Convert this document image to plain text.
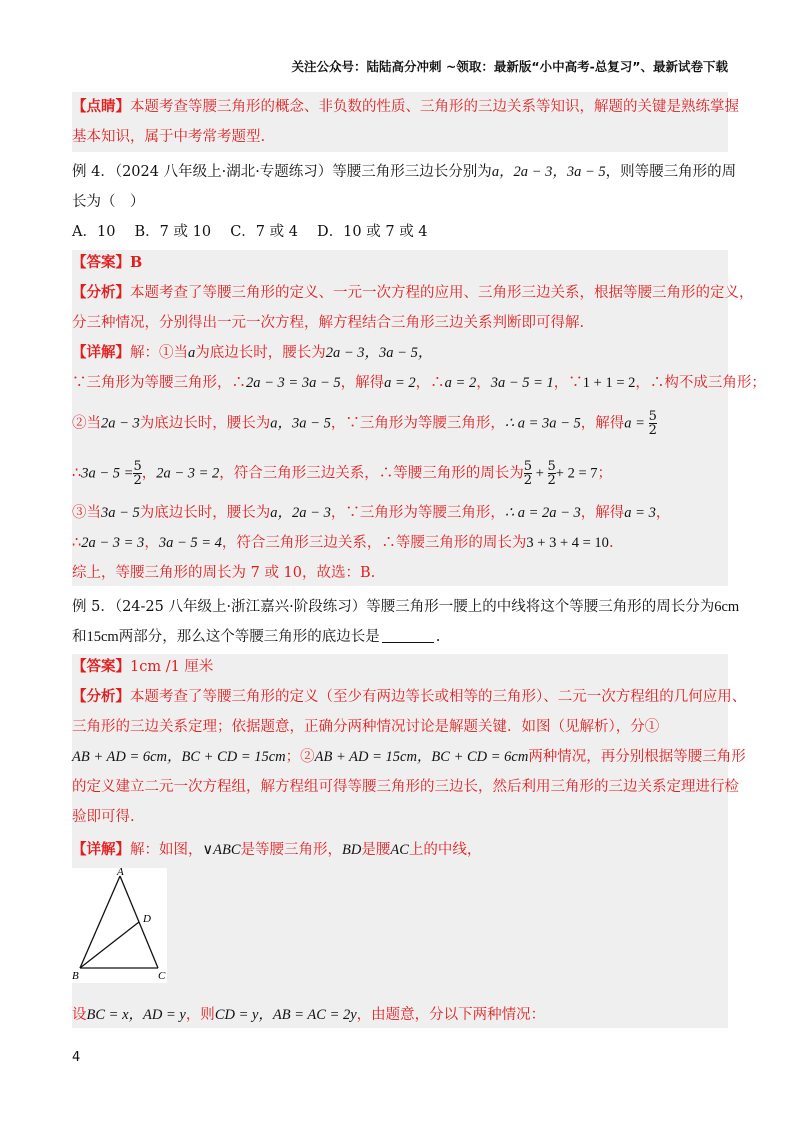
关注公众号：陆陆高分冲刺 ~领取：最新版“小中高考-总复习”、最新试卷下载
【点睛】本题考查等腰三角形的概念、非负数的性质、三角形的三边关系等知识，解题的关键是熟练掌握
基本知识，属于中考常考题型.
例 4．（2024 八年级上·湖北·专题练习）等腰三角形三边长分别为a，2a − 3，3a − 5，则等腰三角形的周
长为（　）
A．10　 B．7 或 10　 C．7 或 4　 D．10 或 7 或 4
【答案】B
【分析】本题考查了等腰三角形的定义、一元一次方程的应用、三角形三边关系，根据等腰三角形的定义，
分三种情况，分别得出一元一次方程，解方程结合三角形三边关系判断即可得解.
【详解】解：①当a为底边长时，腰长为2a − 3，3a − 5，
∵三角形为等腰三角形，∴2a − 3 = 3a − 5，解得a = 2，∴a = 2，3a − 5 = 1，∵1 + 1 = 2，∴构不成三角形；
②当2a − 3为底边长时，腰长为a，3a − 5，∵三角形为等腰三角形，∴ a = 3a − 5，解得$a = \frac{5}{2}$
∴3a − $5 = \frac{5}{2}$ ，2a − 3 = 2，符合三角形三边关系，∴等腰三角形的周长为 $\frac{5}{2} + \frac{5}{2} + 2 = 7$；
③当3a − 5为底边长时，腰长为a，2a − 3，∵三角形为等腰三角形，∴ a = 2a − 3，解得a = 3，
∴2a − 3 = 3，3a − 5 = 4，符合三角形三边关系，∴等腰三角形的周长为3 + 3 + 4 = 10.
综上，等腰三角形的周长为 7 或 10，故选：B.
例 5．（24-25 八年级上·浙江嘉兴·阶段练习）等腰三角形一腰上的中线将这个等腰三角形的周长分为6cm
和15cm两部分，那么这个等腰三角形的底边长是	.
【答案】1cm /1 厘米
【分析】本题考查了等腰三角形的定义（至少有两边等长或相等的三角形）、二元一次方程组的几何应用、
三角形的三边关系定理；依据题意，正确分两种情况讨论是解题关键．如图（见解析），分①
AB + AD = 6cm，BC + CD = 15cm；②AB + AD = 15cm，BC + CD = 6cm两种情况，再分别根据等腰三角形
的定义建立二元一次方程组，解方程组可得等腰三角形的三边长，然后利用三角形的三边关系定理进行检
验即可得.
【详解】解：如图，∨ABC是等腰三角形，BD是腰AC上的中线，
A
B	C
D
设BC = x，AD = y，则CD = y，AB = AC = 2y，由题意，分以下两种情况：
4
